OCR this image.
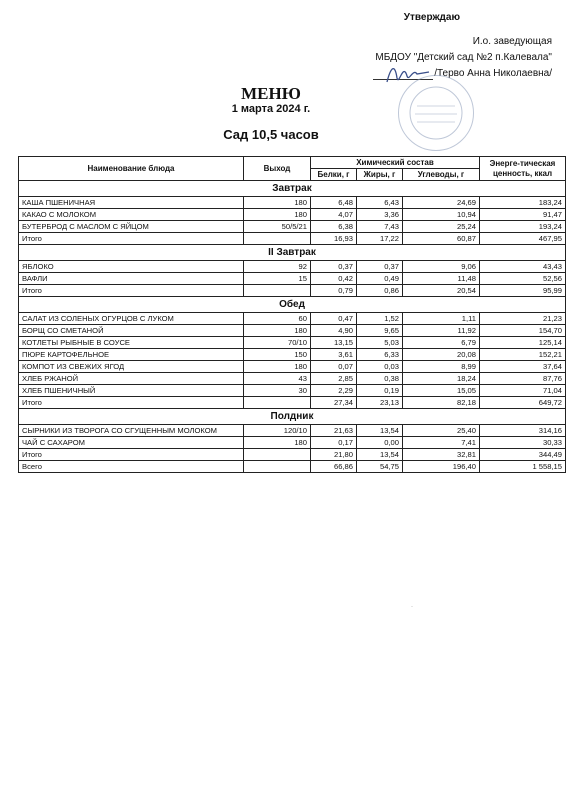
Утверждаю
И.о. заведующая
МБДОУ "Детский сад №2 п.Калевала"
/Терво Анна Николаевна/
МЕНЮ
1 марта 2024 г.
Сад 10,5 часов
Наименование блюда	Выход	Химический состав			Энерге-тическая ценность, ккал
		Белки, г	Жиры, г	Углеводы, г	
Завтрак					
КАША ПШЕНИЧНАЯ	180	6,48	6,43	24,69	183,24
КАКАО С МОЛОКОМ	180	4,07	3,36	10,94	91,47
БУТЕРБРОД С МАСЛОМ С ЯЙЦОМ	50/5/21	6,38	7,43	25,24	193,24
Итого		16,93	17,22	60,87	467,95
II Завтрак					
ЯБЛОКО	92	0,37	0,37	9,06	43,43
ВАФЛИ	15	0,42	0,49	11,48	52,56
Итого		0,79	0,86	20,54	95,99
Обед					
САЛАТ ИЗ СОЛЕНЫХ ОГУРЦОВ С ЛУКОМ	60	0,47	1,52	1,11	21,23
БОРЩ СО СМЕТАНОЙ	180	4,90	9,65	11,92	154,70
КОТЛЕТЫ РЫБНЫЕ В СОУСЕ	70/10	13,15	5,03	6,79	125,14
ПЮРЕ КАРТОФЕЛЬНОЕ	150	3,61	6,33	20,08	152,21
КОМПОТ ИЗ СВЕЖИХ ЯГОД	180	0,07	0,03	8,99	37,64
ХЛЕБ РЖАНОЙ	43	2,85	0,38	18,24	87,76
ХЛЕБ ПШЕНИЧНЫЙ	30	2,29	0,19	15,05	71,04
Итого		27,34	23,13	82,18	649,72
Полдник					
СЫРНИКИ ИЗ ТВОРОГА СО СГУЩЕННЫМ МОЛОКОМ	120/10	21,63	13,54	25,40	314,16
ЧАЙ С САХАРОМ	180	0,17	0,00	7,41	30,33
Итого		21,80	13,54	32,81	344,49
Всего		66,86	54,75	196,40	1 558,15
·
